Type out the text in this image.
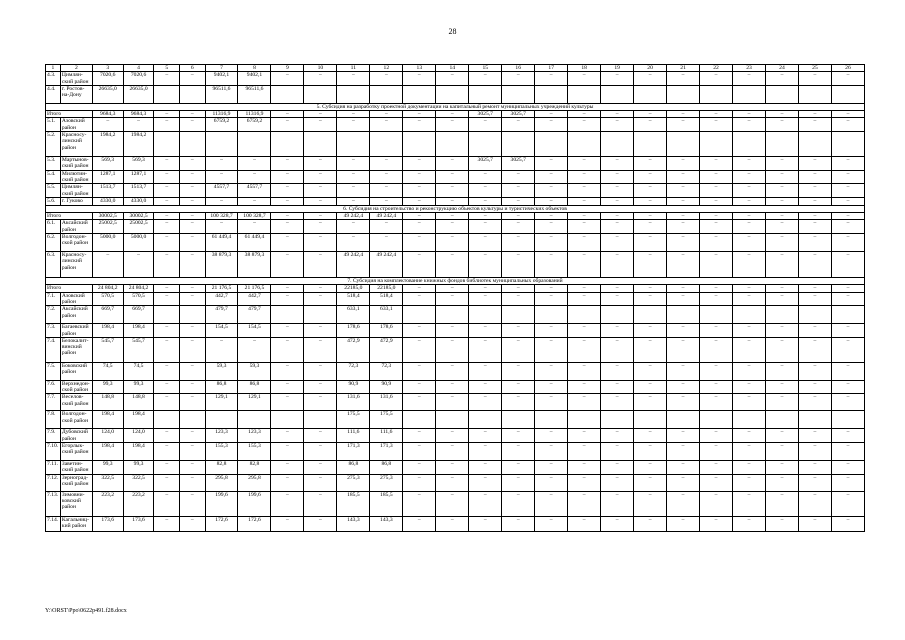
28
1	2	3	4	5	6	7	8	9	10	11	12	13	14	15	16	17	18	19	20	21	22	23	24	25	26
4.3.	Цимлян-ский район	7020,6	7020,6	–	–	9402,1	9402,1	–	–	–	–	–	–	–	–	–	–	–	–	–	–	–	–	–	–
4.4.	г. Ростов-на-Дону	26635,0	26635,0			96511,6	96511,6																		
5. Субсидия на разработку проектной документации на капитальный ремонт муниципальных учреждений культуры																									
Итого		9684,3	9684,3	–	–	11316,9	11316,9	–	–	–	–	–	–	3025,7	3025,7	–	–	–	–	–	–	–	–	–	–
5.1.	Азовский район	–	–	–	–	6759,2	6759,2	–	–	–	–	–	–	–	–	–	–	–	–	–	–	–	–	–	–
5.2.	Красносу-линский район	1984,2	1984,2																						
5.3.	Мартынов-ский район	569,3	569,3	–	–	–	–	–	–	–	–	–	–	3025,7	3025,7	–	–	–	–	–	–	–	–	–	–
5.4.	Милютин-ский район	1287,1	1287,1	–	–	–	–	–	–	–	–	–	–	–	–	–	–	–	–	–	–	–	–	–	–
5.5.	Цимлян-ский район	1513,7	1513,7	–	–	4557,7	4557,7	–	–	–	–	–	–	–	–	–	–	–	–	–	–	–	–	–	–
5.6.	г. Гуково	4330,0	4330,0	–	–	–	–	–	–	–	–	–	–	–	–	–	–	–	–	–	–	–	–	–	–
6. Субсидия на строительство и реконструкцию объектов культуры и туристических объектов																									
Итого		30002,5	30002,5	–	–	100 328,7	100 328,7	–	–	49 242,4	49 242,4	–	–	–	–	–	–	–	–	–	–	–	–	–	–
6.1.	Аксайский район	25002,5	25002,5	–	–	–	–	–	–	–	–	–	–	–	–	–	–	–	–	–	–	–	–	–	–
6.2.	Волгодон-ской район	5000,0	5000,0	–	–	61 449,4	61 449,4	–	–	–	–	–	–	–	–	–	–	–	–	–	–	–	–	–	–
6.3.	Красносу-линский район	–	–	–	–	38 879,3	38 879,3	–	–	49 242,4	49 242,4	–	–	–	–	–	–	–	–	–	–	–	–	–	–
7. Субсидия на комплектование книжных фондов библиотек муниципальных образований																									
Итого		24 804,2	24 804,2	–	–	21 176,5	21 176,5	–	–	22185,0	22185,0	–	–	–	–	–	–	–	–	–	–	–	–	–	–
7.1.	Азовский район	570,5	570,5	–	–	442,7	442,7	–	–	518,4	518,4	–	–	–	–	–	–	–	–	–	–	–	–	–	–
7.2.	Аксайский район	669,7	669,7			479,7	479,7			633,1	633,1														
7.3.	Багаевский район	198,4	198,4	–	–	154,5	154,5	–	–	178,6	178,6	–	–	–	–	–	–	–	–	–	–	–	–	–	–
7.4.	Белокалит-винский район	545,7	545,7	–	–	–	–	–	–	472,9	472,9	–	–	–	–	–	–	–	–	–	–	–	–	–	–
7.5.	Боковский район	74,5	74,5	–	–	59,3	59,3	–	–	72,3	72,3	–	–	–	–	–	–	–	–	–	–	–	–	–	–
7.6.	Верхнедон-ской район	99,3	99,3	–	–	86,8	86,8	–	–	90,9	90,9	–	–	–	–	–	–	–	–	–	–	–	–	–	–
7.7.	Веселов-ский район	148,8	148,8	–	–	129,1	129,1	–	–	131,6	131,6	–	–	–	–	–	–	–	–	–	–	–	–	–	–
7.8.	Волгодон-ской район	198,4	198,4							175,5	175,5														
7.9.	Дубовский район	124,0	124,0	–	–	123,3	123,3	–	–	111,6	111,6	–	–	–	–	–	–	–	–	–	–	–	–	–	–
7.10.	Егорлык-ский район	198,4	198,4	–	–	155,3	155,3	–	–	171,3	171,3	–	–	–	–	–	–	–	–	–	–	–	–	–	–
7.11.	Заветин-ский район	99,3	99,3	–	–	82,8	82,8	–	–	86,8	86,8	–	–	–	–	–	–	–	–	–	–	–	–	–	–
7.12.	Зерноград-ский район	322,5	322,5	–	–	295,8	295,8	–	–	275,3	275,3	–	–	–	–	–	–	–	–	–	–	–	–	–	–
7.13.	Зимовни-ковский район	223,2	223,2	–	–	199,6	199,6	–	–	185,5	185,5	–	–	–	–	–	–	–	–	–	–	–	–	–	–
7.14.	Кагальниц-кий район	173,6	173,6	–	–	172,6	172,6	–	–	143,3	143,3	–	–	–	–	–	–	–	–	–	–	–	–	–	–
Y:\ORST\Ppo\0622p491.f28.docx
